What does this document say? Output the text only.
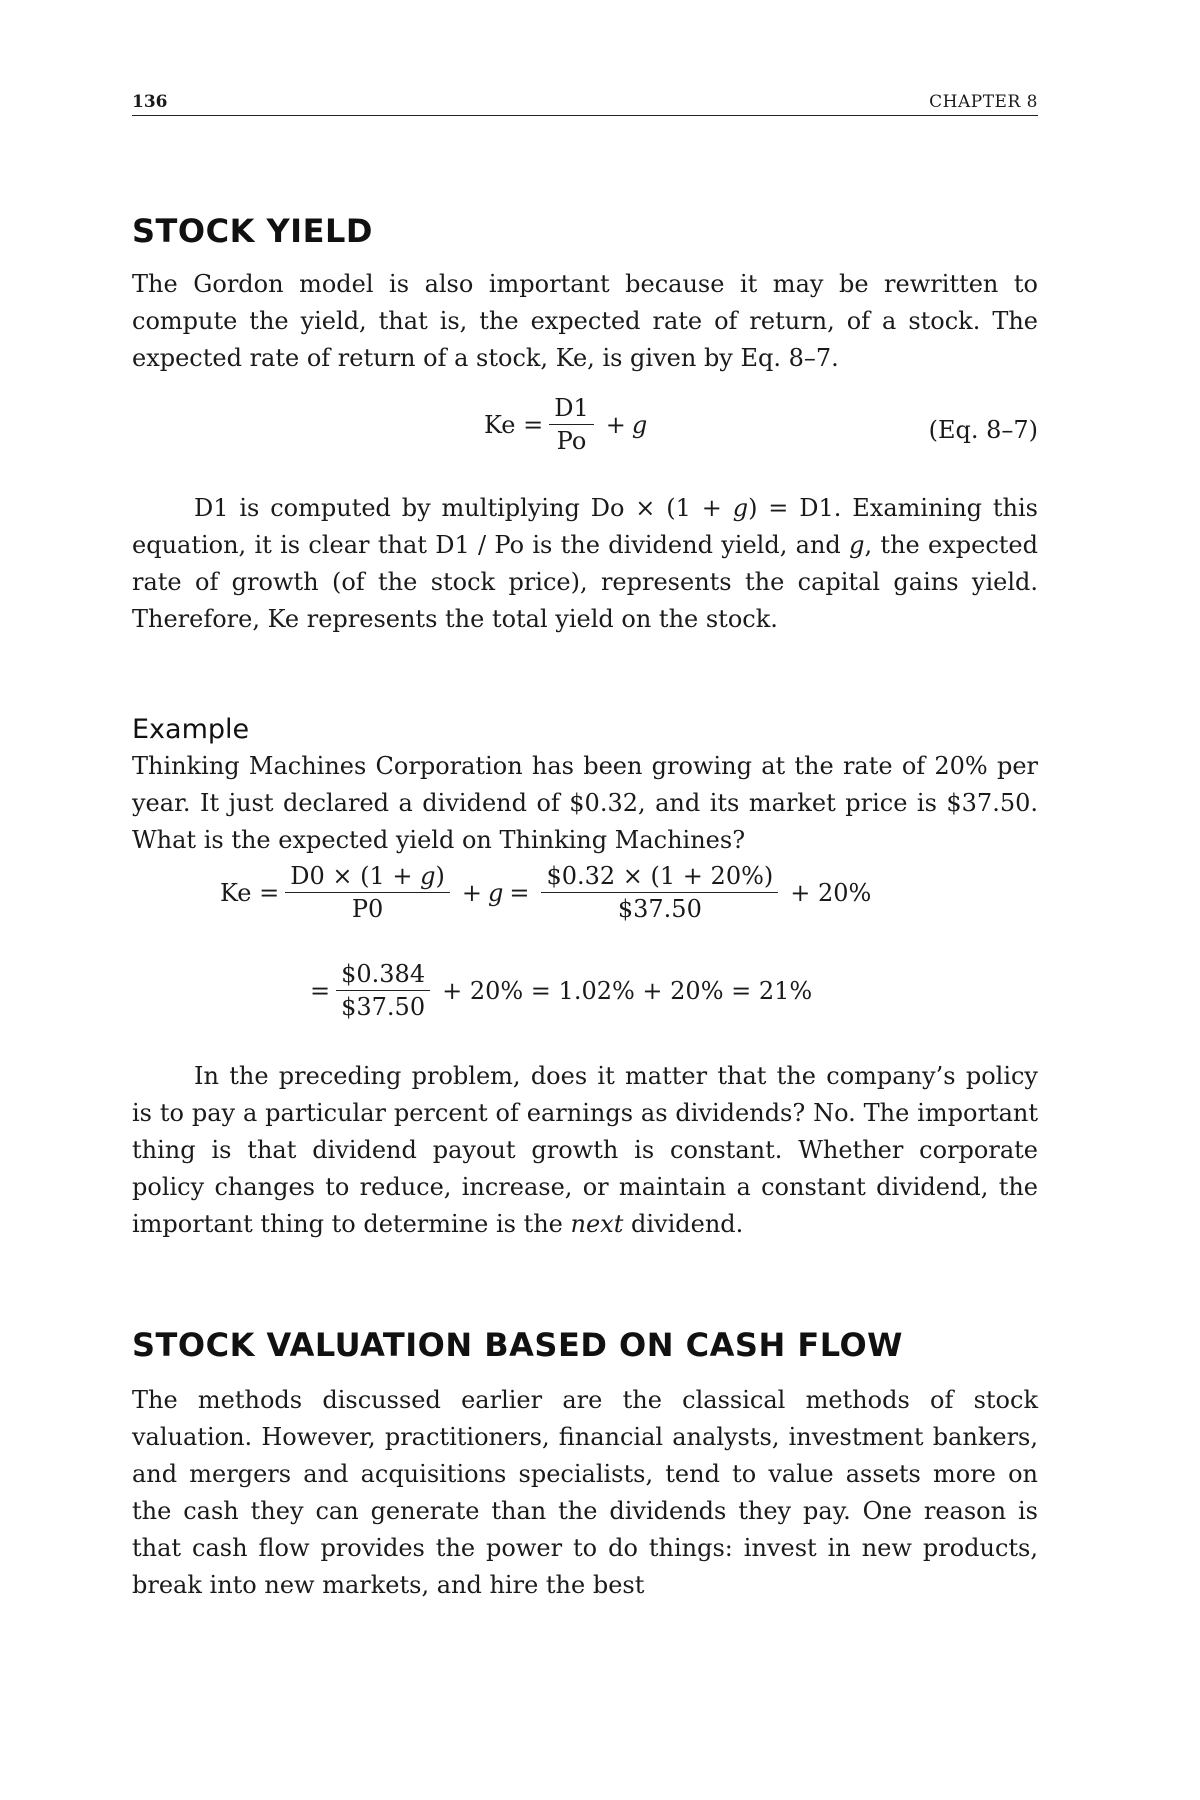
136	CHAPTER 8
STOCK YIELD

The Gordon model is also important because it may be rewritten to compute the yield, that is, the expected rate of return, of a stock. The expected rate of return of a stock, Ke, is given by Eq. 8–7.

$Ke = \frac{D1}{Po} + g$	(Eq. 8–7)

D1 is computed by multiplying Do × (1 + g) = D1. Examining this equation, it is clear that D1 / Po is the dividend yield, and g, the expected rate of growth (of the stock price), represents the capital gains yield. Therefore, Ke represents the total yield on the stock.

Example

Thinking Machines Corporation has been growing at the rate of 20% per year. It just declared a dividend of $0.32, and its market price is $37.50. What is the expected yield on Thinking Machines?

$Ke = \frac{D0 \times (1 + g)}{P0} + g = \frac{\$0.32 \times (1 + 20\%)}{\$37.50} + 20\%$
= $\frac{\$0.384}{\$37.50} + 20\% = 1.02\% + 20\% = 21\%$

In the preceding problem, does it matter that the company’s policy is to pay a particular percent of earnings as dividends? No. The important thing is that dividend payout growth is constant. Whether corporate policy changes to reduce, increase, or maintain a constant dividend, the important thing to determine is the next dividend.

STOCK VALUATION BASED ON CASH FLOW

The methods discussed earlier are the classical methods of stock valuation. However, practitioners, financial analysts, investment bankers, and mergers and acquisitions specialists, tend to value assets more on the cash they can generate than the dividends they pay. One reason is that cash flow provides the power to do things: invest in new products, break into new markets, and hire the best
